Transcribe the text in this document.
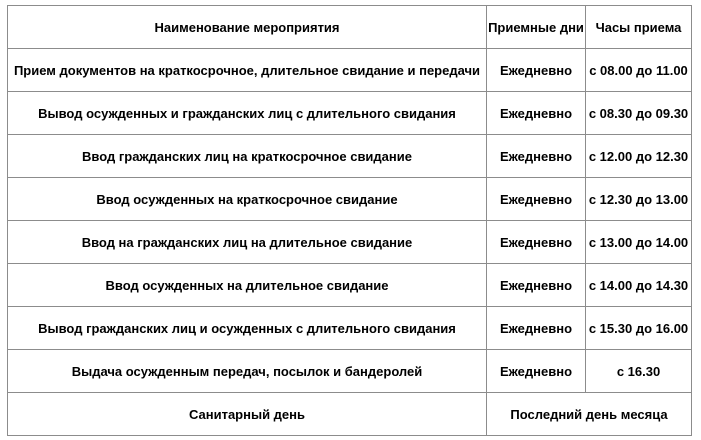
Наименование мероприятия	Приемные дни	Часы приема
Прием документов на краткосрочное, длительное свидание и передачи	Ежедневно	с 08.00 до 11.00
Вывод осужденных и гражданских лиц с длительного свидания	Ежедневно	с 08.30 до 09.30
Ввод гражданских лиц на краткосрочное свидание	Ежедневно	с 12.00 до 12.30
Ввод осужденных на краткосрочное свидание	Ежедневно	с 12.30 до 13.00
Ввод на гражданских лиц на длительное свидание	Ежедневно	с 13.00 до 14.00
Ввод осужденных на длительное свидание	Ежедневно	с 14.00 до 14.30
Вывод гражданских лиц и осужденных с длительного свидания	Ежедневно	с 15.30 до 16.00
Выдача осужденным передач, посылок и бандеролей	Ежедневно	с 16.30
Санитарный день	Последний день месяца	
